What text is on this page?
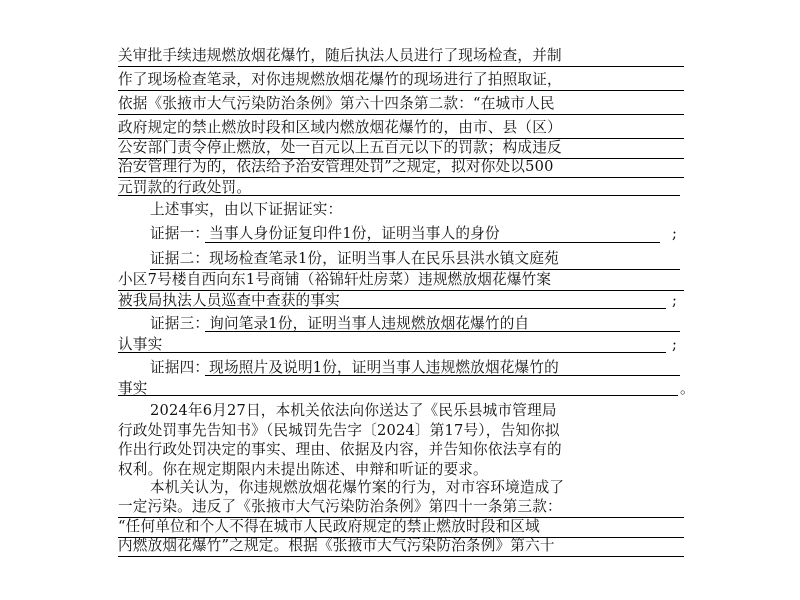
关审批手续违规燃放烟花爆竹，随后执法人员进行了现场检查，并制
作了现场检查笔录，对你违规燃放烟花爆竹的现场进行了拍照取证，
依据《张掖市大气污染防治条例》第六十四条第二款：“在城市人民
政府规定的禁止燃放时段和区域内燃放烟花爆竹的，由市、县（区）
公安部门责令停止燃放，处一百元以上五百元以下的罚款；构成违反
治安管理行为的，依法给予治安管理处罚”之规定，拟对你处以500
元罚款的行政处罚。
上述事实，由以下证据证实：
证据一：当事人身份证复印件1份，证明当事人的身份	;
证据二：现场检查笔录1份，证明当事人在民乐县洪水镇文庭苑
小区7号楼自西向东1号商铺（裕锦轩灶房菜）违规燃放烟花爆竹案
被我局执法人员巡查中查获的事实	;
证据三：询问笔录1份，证明当事人违规燃放烟花爆竹的自
认事实	;
证据四：现场照片及说明1份，证明当事人违规燃放烟花爆竹的
事实	。
2024年6月27日，本机关依法向你送达了《民乐县城市管理局
行政处罚事先告知书》（民城罚先告字〔2024〕第17号），告知你拟
作出行政处罚决定的事实、理由、依据及内容，并告知你依法享有的
权利。你在规定期限内未提出陈述、申辩和听证的要求。
本机关认为，你违规燃放烟花爆竹案的行为，对市容环境造成了
一定污染。违反了《张掖市大气污染防治条例》第四十一条第三款：
“任何单位和个人不得在城市人民政府规定的禁止燃放时段和区域
内燃放烟花爆竹”之规定。根据《张掖市大气污染防治条例》第六十
